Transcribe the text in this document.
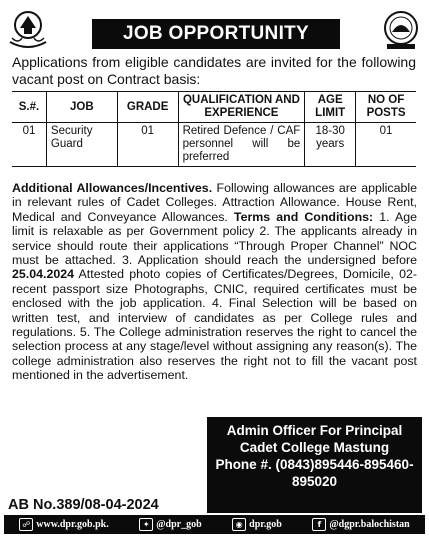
JOB OPPORTUNITY
Applications from eligible candidates are invited for the following vacant post on Contract basis:
S.#.	JOB	GRADE	QUALIFICATION AND EXPERIENCE	AGE LIMIT	NO OF POSTS
01	Security Guard	01	Retired Defence / CAF personnel will be preferred	18-30 years	01
Additional Allowances/Incentives. Following allowances are applicable in relevant rules of Cadet Colleges. Attraction Allowance. House Rent, Medical and Conveyance Allowances. Terms and Conditions: 1. Age limit is relaxable as per Government policy 2. The applicants already in service should route their applications “Through Proper Channel” NOC must be attached. 3. Application should reach the undersigned before 25.04.2024 Attested photo copies of Certificates/Degrees, Domicile, 02-recent passport size Photographs, CNIC, required certificates must be enclosed with the job application. 4. Final Selection will be based on written test, and interview of candidates as per College rules and regulations. 5. The College administration reserves the right to cancel the selection process at any stage/level without assigning any reason(s). The college administration also reserves the right not to fill the vacant post mentioned in the advertisement.
Admin Officer For Principal
Cadet College Mastung
Phone #. (0843)895446-895460-895020
AB No.389/08-04-2024
☍ www.dpr.gob.pk.	✦ @dpr_gob	◉ dpr.gob	f @dgpr.balochistan
